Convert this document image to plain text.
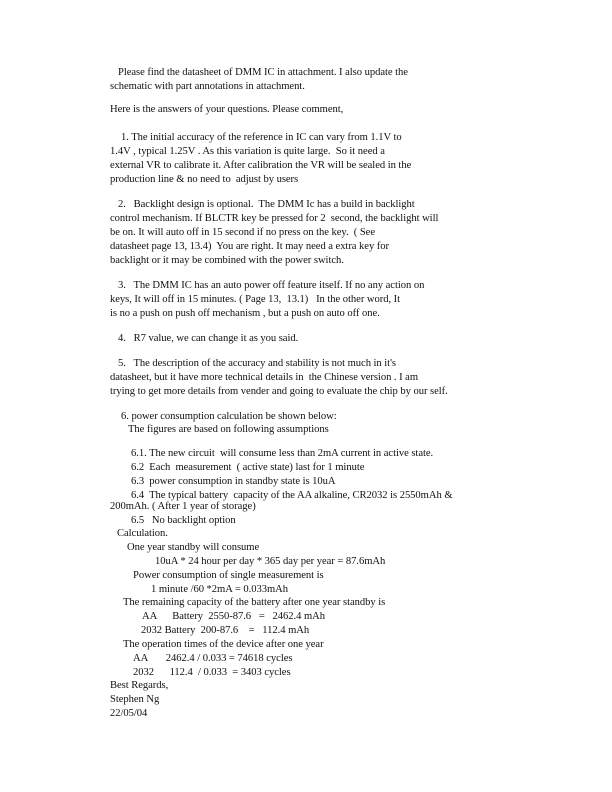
Please find the datasheet of DMM IC in attachment. I also update the
schematic with part annotations in attachment.
Here is the answers of your questions. Please comment,
1. The initial accuracy of the reference in IC can vary from 1.1V to
1.4V , typical 1.25V . As this variation is quite large.  So it need a
external VR to calibrate it. After calibration the VR will be sealed in the
production line & no need to  adjust by users
2.   Backlight design is optional.  The DMM Ic has a build in backlight
control mechanism. If BLCTR key be pressed for 2  second, the backlight will
be on. It will auto off in 15 second if no press on the key.  ( See
datasheet page 13, 13.4)  You are right. It may need a extra key for
backlight or it may be combined with the power switch.
3.   The DMM IC has an auto power off feature itself. If no any action on
keys, It will off in 15 minutes. ( Page 13,  13.1)   In the other word, It
is no a push on push off mechanism , but a push on auto off one.
4.   R7 value, we can change it as you said.
5.   The description of the accuracy and stability is not much in it's
datasheet, but it have more technical details in  the Chinese version . I am
trying to get more details from vender and going to evaluate the chip by our self.
6. power consumption calculation be shown below:
The figures are based on following assumptions
6.1. The new circuit  will consume less than 2mA current in active state.
6.2  Each  measurement  ( active state) last for 1 minute
6.3  power consumption in standby state is 10uA
6.4  The typical battery  capacity of the AA alkaline, CR2032 is 2550mAh &
200mAh. ( After 1 year of storage)
6.5   No backlight option
Calculation.
One year standby will consume
10uA * 24 hour per day * 365 day per year = 87.6mAh
Power consumption of single measurement is
1 minute /60 *2mA = 0.033mAh
The remaining capacity of the battery after one year standby is
AA      Battery  2550-87.6   =   2462.4 mAh
2032 Battery  200-87.6    =   112.4 mAh
The operation times of the device after one year
AA       2462.4 / 0.033 = 74618 cycles
2032      112.4  / 0.033  = 3403 cycles
Best Regards,
Stephen Ng
22/05/04
